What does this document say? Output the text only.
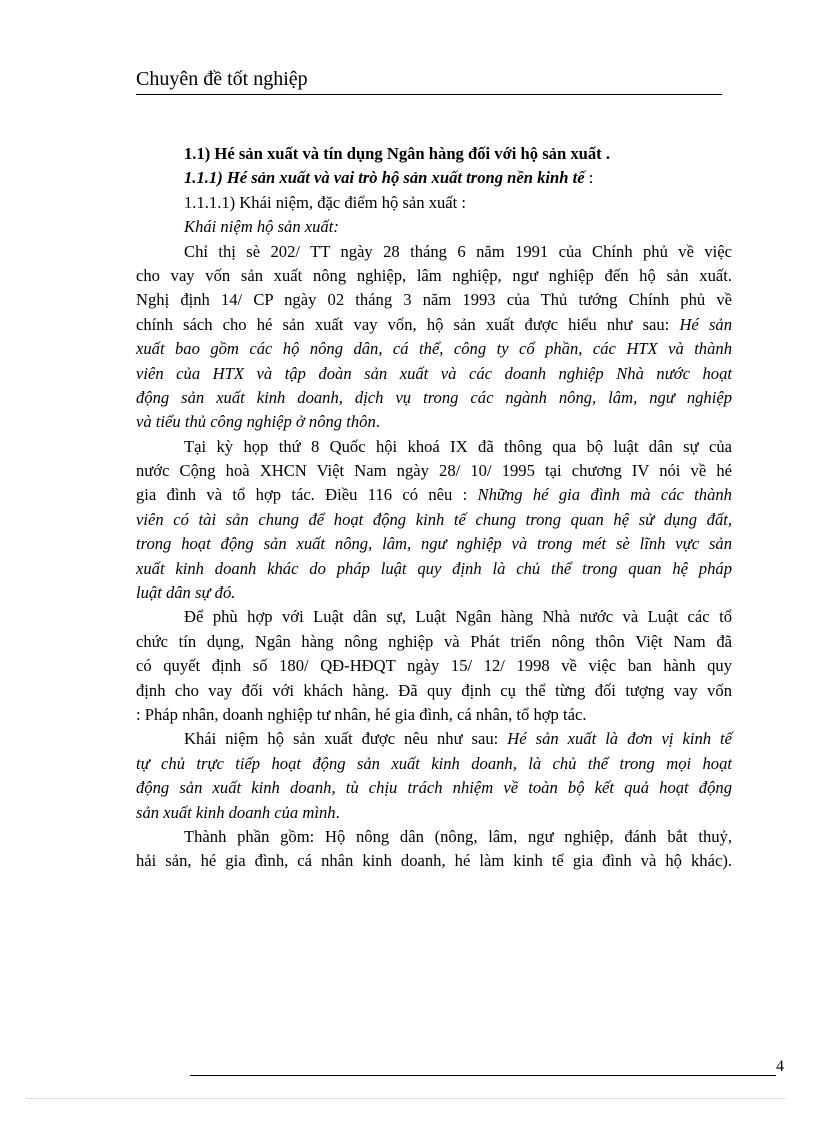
Chuyên đề tốt nghiệp
1.1) Hé sản xuất và tín dụng Ngân hàng đối với hộ sản xuất .
1.1.1) Hé sản xuất và vai trò hộ sản xuất trong nền kinh tế :
1.1.1.1) Khái niệm, đặc điểm hộ sản xuất :
Khái niệm hộ sản xuất:
Chỉ thị sè 202/ TT ngày 28 tháng 6 năm 1991 của Chính phủ về việc
cho vay vốn sản xuất nông nghiệp, lâm nghiệp, ngư nghiệp đến hộ sản xuất.
Nghị định 14/ CP ngày 02 tháng 3 năm 1993 của Thủ tướng Chính phủ về
chính sách cho hé sản xuất vay vốn, hộ sản xuất được hiểu như sau: Hé sản
xuất bao gồm các hộ nông dân, cá thể, công ty cổ phần, các HTX và thành
viên của HTX và tập đoàn sản xuất và các doanh nghiệp Nhà nước hoạt
động sản xuất kinh doanh, dịch vụ trong các ngành nông, lâm, ngư nghiệp
và tiểu thủ công nghiệp ở nông thôn.
Tại kỳ họp thứ 8 Quốc hội khoá IX đã thông qua bộ luật dân sự của
nước Cộng hoà XHCN Việt Nam ngày 28/ 10/ 1995 tại chương IV nói về hé
gia đình và tổ hợp tác. Điều 116 có nêu : Những hé gia đình mà các thành
viên có tài sản chung để hoạt động kinh tế chung trong quan hệ sử dụng đất,
trong hoạt động sản xuất nông, lâm, ngư nghiệp và trong mét sè lĩnh vực sản
xuất kinh doanh khác do pháp luật quy định là chủ thể trong quan hệ pháp
luật dân sự đó.
Để phù hợp với Luật dân sự, Luật Ngân hàng Nhà nước và Luật các tổ
chức tín dụng, Ngân hàng nông nghiệp và Phát triển nông thôn Việt Nam đã
có quyết định số 180/ QĐ-HĐQT ngày 15/ 12/ 1998 về việc ban hành quy
định cho vay đối với khách hàng. Đã quy định cụ thể từng đối tượng vay vốn
: Pháp nhân, doanh nghiệp tư nhân, hé gia đình, cá nhân, tổ hợp tác.
Khái niệm hộ sản xuất được nêu như sau: Hé sản xuất là đơn vị kinh tế
tự chủ trực tiếp hoạt động sản xuất kinh doanh, là chủ thể trong mọi hoạt
động sản xuất kinh doanh, tù chịu trách nhiệm về toàn bộ kết quả hoạt động
sản xuất kinh doanh của mình.
Thành phần gồm: Hộ nông dân (nông, lâm, ngư nghiệp, đánh bắt thuỷ,
hải sản, hé gia đình, cá nhân kinh doanh, hé làm kinh tế gia đình và hộ khác).
4
